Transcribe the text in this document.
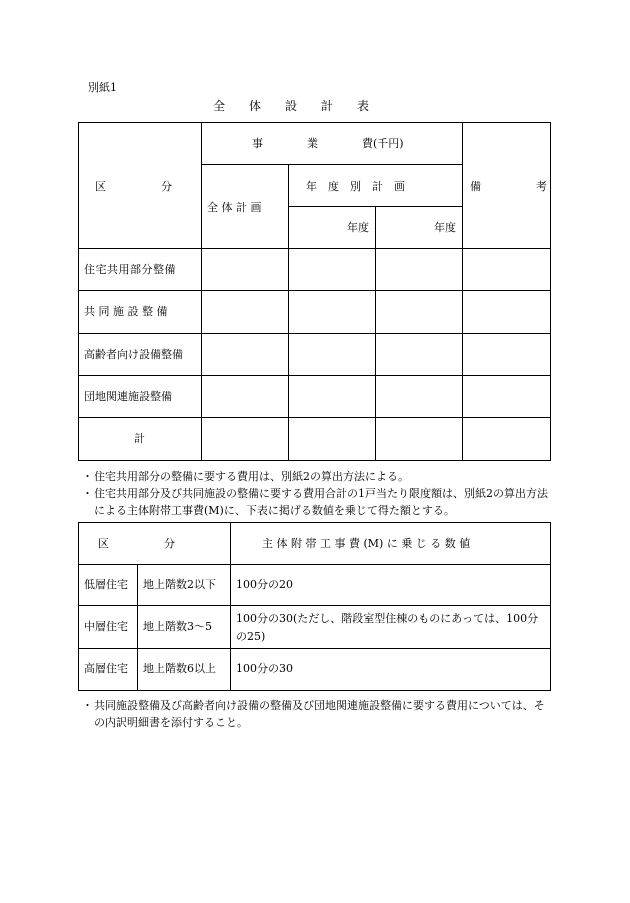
別紙1
全　　体　　設　　計　　表
区　　　　　分
事　　　　業　　　　費(千円)
全 体 計 画
年　度　別　計　画
年度	年度
備　　　　　考
住宅共用部分整備
共 同 施 設 整 備
高齢者向け設備整備
団地関連施設整備
計
・ 住宅共用部分の整備に要する費用は、別紙2の算出方法による。
・ 住宅共用部分及び共同施設の整備に要する費用合計の1戸当たり限度額は、別紙2の算出方法による主体附帯工事費(M)に、下表に掲げる数値を乗じて得た額とする。
区　　　　　分	主 体 附 帯 工 事 費 (M) に 乗 じ る 数 値
低層住宅 地上階数2以下 100分の20
中層住宅 地上階数3〜5
100分の30(ただし、階段室型住棟のものにあっては、100分の25)
高層住宅 地上階数6以上 100分の30
・ 共同施設整備及び高齢者向け設備の整備及び団地関連施設整備に要する費用については、その内訳明細書を添付すること。
